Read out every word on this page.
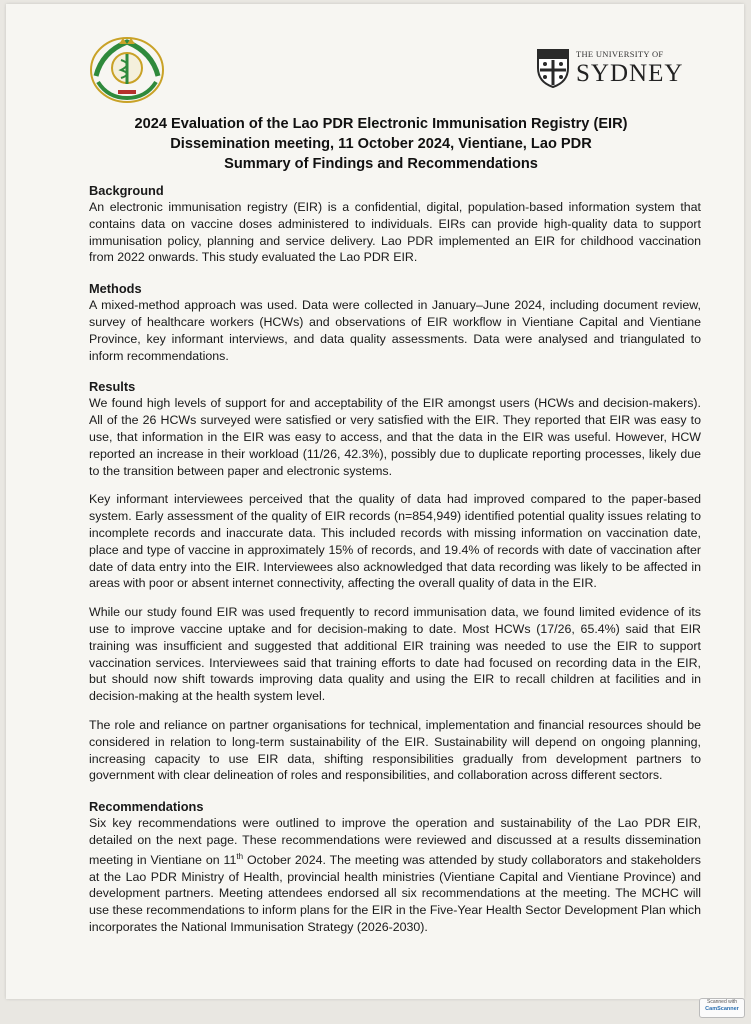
THE UNIVERSITY OF
SYDNEY
2024 Evaluation of the Lao PDR Electronic Immunisation Registry (EIR)
Dissemination meeting, 11 October 2024, Vientiane, Lao PDR
Summary of Findings and Recommendations
Background

An electronic immunisation registry (EIR) is a confidential, digital, population-based information system that contains data on vaccine doses administered to individuals. EIRs can provide high-quality data to support immunisation policy, planning and service delivery. Lao PDR implemented an EIR for childhood vaccination from 2022 onwards. This study evaluated the Lao PDR EIR.

Methods

A mixed-method approach was used. Data were collected in January–June 2024, including document review, survey of healthcare workers (HCWs) and observations of EIR workflow in Vientiane Capital and Vientiane Province, key informant interviews, and data quality assessments. Data were analysed and triangulated to inform recommendations.

Results

We found high levels of support for and acceptability of the EIR amongst users (HCWs and decision-makers). All of the 26 HCWs surveyed were satisfied or very satisfied with the EIR. They reported that EIR was easy to use, that information in the EIR was easy to access, and that the data in the EIR was useful. However, HCW reported an increase in their workload (11/26, 42.3%), possibly due to duplicate reporting processes, likely due to the transition between paper and electronic systems.

Key informant interviewees perceived that the quality of data had improved compared to the paper-based system. Early assessment of the quality of EIR records (n=854,949) identified potential quality issues relating to incomplete records and inaccurate data. This included records with missing information on vaccination date, place and type of vaccine in approximately 15% of records, and 19.4% of records with date of vaccination after date of data entry into the EIR. Interviewees also acknowledged that data recording was likely to be affected in areas with poor or absent internet connectivity, affecting the overall quality of data in the EIR.

While our study found EIR was used frequently to record immunisation data, we found limited evidence of its use to improve vaccine uptake and for decision-making to date. Most HCWs (17/26, 65.4%) said that EIR training was insufficient and suggested that additional EIR training was needed to use the EIR to support vaccination services. Interviewees said that training efforts to date had focused on recording data in the EIR, but should now shift towards improving data quality and using the EIR to recall children at facilities and in decision-making at the health system level.

The role and reliance on partner organisations for technical, implementation and financial resources should be considered in relation to long-term sustainability of the EIR. Sustainability will depend on ongoing planning, increasing capacity to use EIR data, shifting responsibilities gradually from development partners to government with clear delineation of roles and responsibilities, and collaboration across different sectors.

Recommendations

Six key recommendations were outlined to improve the operation and sustainability of the Lao PDR EIR, detailed on the next page. These recommendations were reviewed and discussed at a results dissemination meeting in Vientiane on 11th October 2024. The meeting was attended by study collaborators and stakeholders at the Lao PDR Ministry of Health, provincial health ministries (Vientiane Capital and Vientiane Province) and development partners. Meeting attendees endorsed all six recommendations at the meeting. The MCHC will use these recommendations to inform plans for the EIR in the Five-Year Health Sector Development Plan which incorporates the National Immunisation Strategy (2026-2030).

Scanned with
CamScanner
